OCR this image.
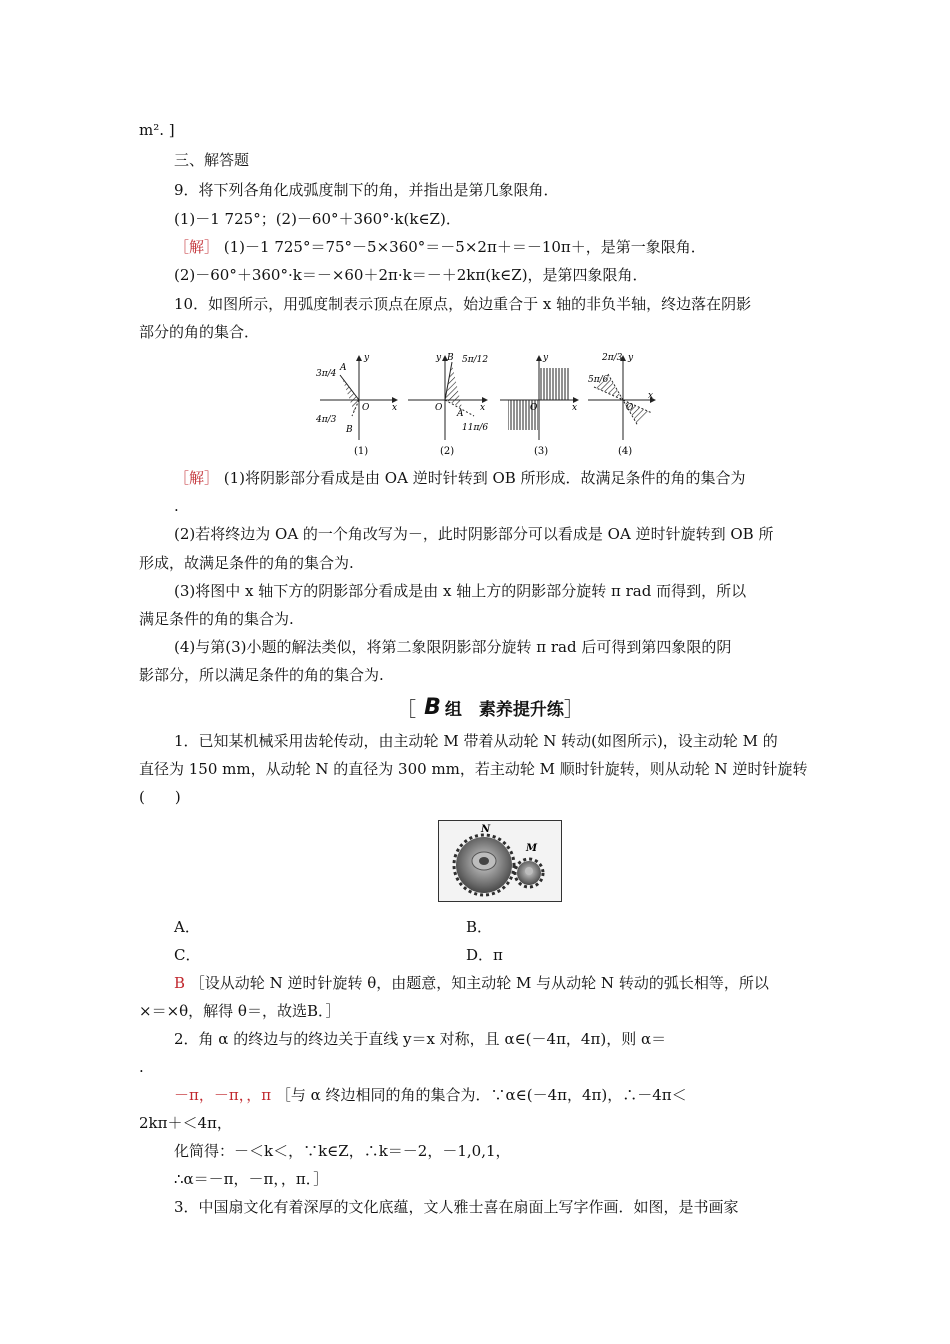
m². ]
三、解答题
9．将下列各角化成弧度制下的角，并指出是第几象限角．
(1)－1 725°；(2)－60°＋360°·k(k∈Z)．
［解］ (1)－1 725°＝75°－5×360°＝－5×2π＋＝－10π＋，是第一象限角．
(2)－60°＋360°·k＝－×60＋2π·k＝－＋2kπ(k∈Z)，是第四象限角．
10．如图所示，用弧度制表示顶点在原点，始边重合于 x 轴的非负半轴，终边落在阴影
部分的角的集合．
3π/4
4π/3
A
B
O	x
y
(1)
5π/12
11π/6
B
A
O	x
y
(2)
O	x
y
(3)
2π/3
5π/6
O
x
y
(4)
［解］ (1)将阴影部分看成是由 OA 逆时针转到 OB 所形成．故满足条件的角的集合为
.
(2)若将终边为 OA 的一个角改写为－，此时阴影部分可以看成是 OA 逆时针旋转到 OB 所
形成，故满足条件的角的集合为.
(3)将图中 x 轴下方的阴影部分看成是由 x 轴上方的阴影部分旋转 π rad 而得到，所以
满足条件的角的集合为.
(4)与第(3)小题的解法类似，将第二象限阴影部分旋转 π rad 后可得到第四象限的阴
影部分，所以满足条件的角的集合为.
［ B 组　素养提升练 ］
1．已知某机械采用齿轮传动，由主动轮 M 带着从动轮 N 转动(如图所示)，设主动轮 M 的
直径为 150 mm，从动轮 N 的直径为 300 mm，若主动轮 M 顺时针旋转，则从动轮 N 逆时针旋转
(　　)
N
M
A．	B．
C．	D．π
B ［设从动轮 N 逆时针旋转 θ，由题意，知主动轮 M 与从动轮 N 转动的弧长相等，所以
×＝×θ，解得 θ＝，故选B．］
2．角 α 的终边与的终边关于直线 y＝x 对称，且 α∈(－4π，4π)，则 α＝
.
－π，－π，，π ［与 α 终边相同的角的集合为．∵α∈(－4π，4π)，∴－4π＜
2kπ＋＜4π，
化简得：－＜k＜，∵k∈Z，∴k＝－2，－1,0,1，
∴α＝－π，－π，，π．］
3．中国扇文化有着深厚的文化底蕴，文人雅士喜在扇面上写字作画．如图，是书画家
